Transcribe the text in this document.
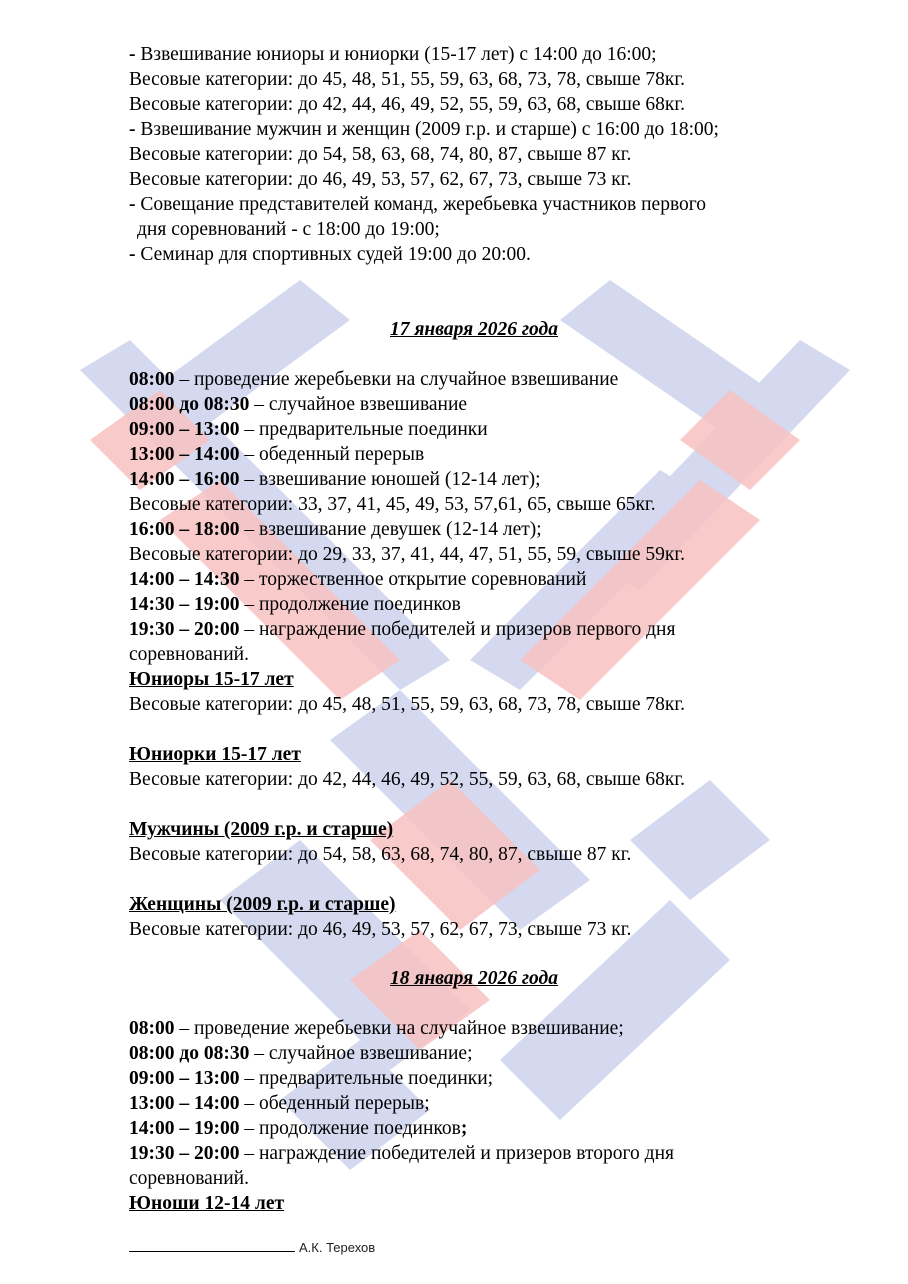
- Взвешивание юниоры и юниорки (15-17 лет) с 14:00 до 16:00;
Весовые категории: до 45, 48, 51, 55, 59, 63, 68, 73, 78, свыше 78кг.
Весовые категории: до 42, 44, 46, 49, 52, 55, 59, 63, 68, свыше 68кг.
- Взвешивание мужчин и женщин (2009 г.р. и старше) с 16:00 до 18:00;
Весовые категории: до 54, 58, 63, 68, 74, 80, 87, свыше 87 кг.
Весовые категории: до 46, 49, 53, 57, 62, 67, 73, свыше 73 кг.
- Совещание представителей команд, жеребьевка участников первого
дня соревнований - с 18:00 до 19:00;
- Семинар для спортивных судей 19:00 до 20:00.
17 января 2026 года
08:00 – проведение жеребьевки на случайное взвешивание
08:00 до 08:30 – случайное взвешивание
09:00 – 13:00 – предварительные поединки
13:00 – 14:00 – обеденный перерыв
14:00 – 16:00 – взвешивание юношей (12-14 лет);
Весовые категории: 33, 37, 41, 45, 49, 53, 57,61, 65, свыше 65кг.
16:00 – 18:00 – взвешивание девушек (12-14 лет);
Весовые категории: до 29, 33, 37, 41, 44, 47, 51, 55, 59, свыше 59кг.
14:00 – 14:30 – торжественное открытие соревнований
14:30 – 19:00 – продолжение поединков
19:30 – 20:00 – награждение победителей и призеров первого дня
соревнований.
Юниоры 15-17 лет
Весовые категории: до 45, 48, 51, 55, 59, 63, 68, 73, 78, свыше 78кг.
Юниорки 15-17 лет
Весовые категории: до 42, 44, 46, 49, 52, 55, 59, 63, 68, свыше 68кг.
Мужчины (2009 г.р. и старше)
Весовые категории: до 54, 58, 63, 68, 74, 80, 87, свыше 87 кг.
Женщины (2009 г.р. и старше)
Весовые категории: до 46, 49, 53, 57, 62, 67, 73, свыше 73 кг.
18 января 2026 года
08:00 – проведение жеребьевки на случайное взвешивание;
08:00 до 08:30 – случайное взвешивание;
09:00 – 13:00 – предварительные поединки;
13:00 – 14:00 – обеденный перерыв;
14:00 – 19:00 – продолжение поединков;
19:30 – 20:00 – награждение победителей и призеров второго дня
соревнований.
Юноши 12-14 лет
А.К. Терехов
